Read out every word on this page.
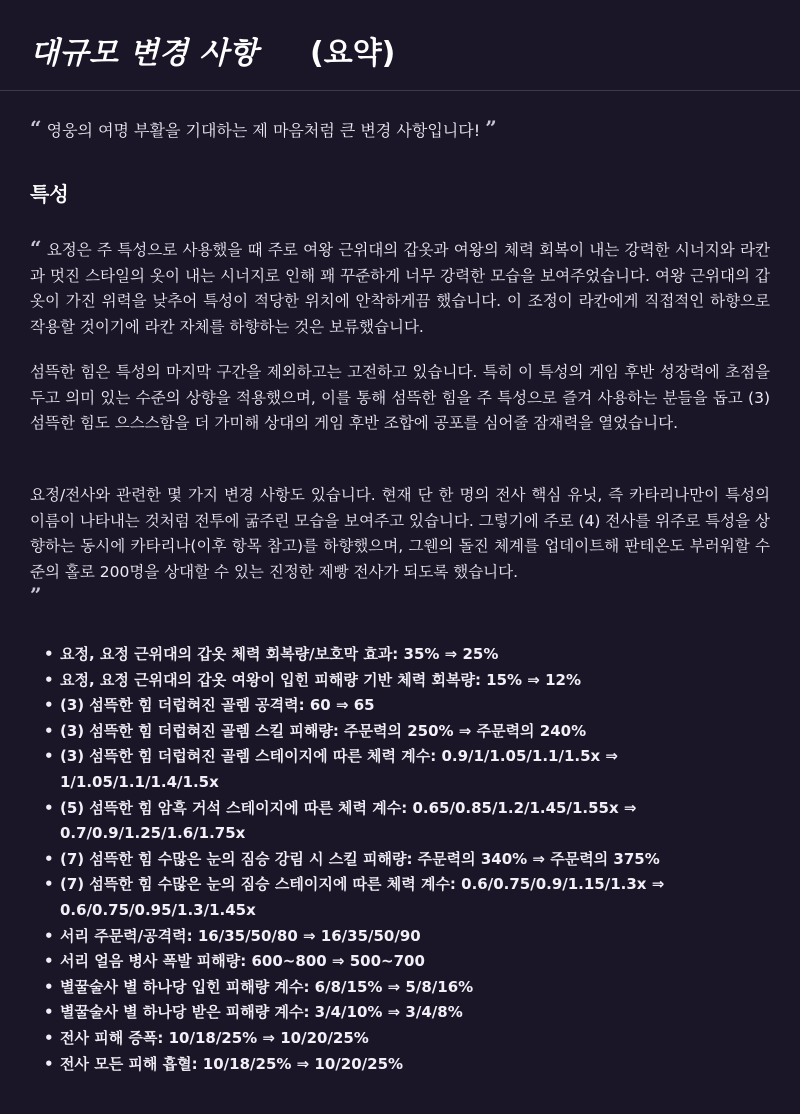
대규모 변경 사항 (요약)
“ 영웅의 여명 부활을 기대하는 제 마음처럼 큰 변경 사항입니다! ”
특성
“ 요정은 주 특성으로 사용했을 때 주로 여왕 근위대의 갑옷과 여왕의 체력 회복이 내는 강력한 시너지와 라칸과 멋진 스타일의 옷이 내는 시너지로 인해 꽤 꾸준하게 너무 강력한 모습을 보여주었습니다. 여왕 근위대의 갑옷이 가진 위력을 낮추어 특성이 적당한 위치에 안착하게끔 했습니다. 이 조정이 라칸에게 직접적인 하향으로 작용할 것이기에 라칸 자체를 하향하는 것은 보류했습니다.
섬뜩한 힘은 특성의 마지막 구간을 제외하고는 고전하고 있습니다. 특히 이 특성의 게임 후반 성장력에 초점을 두고 의미 있는 수준의 상향을 적용했으며, 이를 통해 섬뜩한 힘을 주 특성으로 즐겨 사용하는 분들을 돕고 (3) 섬뜩한 힘도 으스스함을 더 가미해 상대의 게임 후반 조합에 공포를 심어줄 잠재력을 열었습니다.
요정/전사와 관련한 몇 가지 변경 사항도 있습니다. 현재 단 한 명의 전사 핵심 유닛, 즉 카타리나만이 특성의 이름이 나타내는 것처럼 전투에 굶주린 모습을 보여주고 있습니다. 그렇기에 주로 (4) 전사를 위주로 특성을 상향하는 동시에 카타리나(이후 항목 참고)를 하향했으며, 그웬의 돌진 체계를 업데이트해 판테온도 부러워할 수준의 홀로 200명을 상대할 수 있는 진정한 제빵 전사가 되도록 했습니다.
”
• 요정, 요정 근위대의 갑옷 체력 회복량/보호막 효과: 35% ⇒ 25%
• 요정, 요정 근위대의 갑옷 여왕이 입힌 피해량 기반 체력 회복량: 15% ⇒ 12%
• (3) 섬뜩한 힘 더럽혀진 골렘 공격력: 60 ⇒ 65
• (3) 섬뜩한 힘 더럽혀진 골렘 스킬 피해량: 주문력의 250% ⇒ 주문력의 240%
• (3) 섬뜩한 힘 더럽혀진 골렘 스테이지에 따른 체력 계수: 0.9/1/1.05/1.1/1.5x ⇒ 1/1.05/1.1/1.4/1.5x
• (5) 섬뜩한 힘 암흑 거석 스테이지에 따른 체력 계수: 0.65/0.85/1.2/1.45/1.55x ⇒ 0.7/0.9/1.25/1.6/1.75x
• (7) 섬뜩한 힘 수많은 눈의 짐승 강림 시 스킬 피해량: 주문력의 340% ⇒ 주문력의 375%
• (7) 섬뜩한 힘 수많은 눈의 짐승 스테이지에 따른 체력 계수: 0.6/0.75/0.9/1.15/1.3x ⇒ 0.6/0.75/0.95/1.3/1.45x
• 서리 주문력/공격력: 16/35/50/80 ⇒ 16/35/50/90
• 서리 얼음 병사 폭발 피해량: 600~800 ⇒ 500~700
• 별꿀술사 별 하나당 입힌 피해량 계수: 6/8/15% ⇒ 5/8/16%
• 별꿀술사 별 하나당 받은 피해량 계수: 3/4/10% ⇒ 3/4/8%
• 전사 피해 증폭: 10/18/25% ⇒ 10/20/25%
• 전사 모든 피해 흡혈: 10/18/25% ⇒ 10/20/25%
